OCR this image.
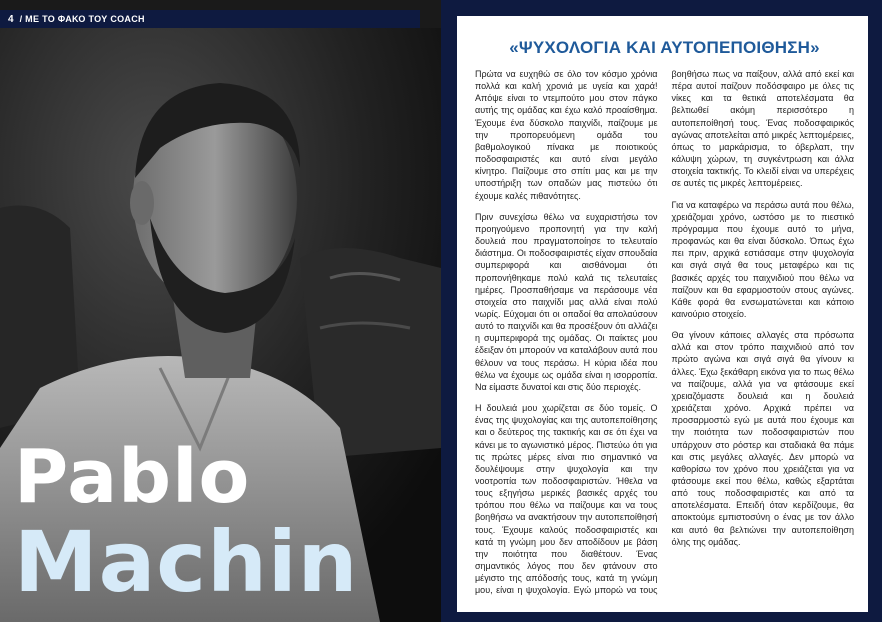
4 / ΜΕ ΤΟ ΦΑΚΟ ΤΟΥ COACH
Pablo
Machin
«ΨΥΧΟΛΟΓΙΑ ΚΑΙ ΑΥΤΟΠΕΠΟΙΘΗΣΗ»

Πρώτα να ευχηθώ σε όλο τον κόσμο χρόνια πολλά και καλή χρονιά με υγεία και χαρά! Απόψε είναι το ντεμπούτο μου στον πάγκο αυτής της ομάδας και έχω καλό προαίσθημα. Έχουμε ένα δύσκολο παιχνίδι, παίζουμε με την προπορευόμενη ομάδα του βαθμολογικού πίνακα με ποιοτικούς ποδοσφαιριστές και αυτό είναι μεγάλο κίνητρο. Παίζουμε στο σπίτι μας και με την υποστήριξη των οπαδών μας πιστεύω ότι έχουμε καλές πιθανότητες.

Πριν συνεχίσω θέλω να ευχαριστήσω τον προηγούμενο προπονητή για την καλή δουλειά που πραγματοποίησε το τελευταίο διάστημα. Οι ποδοσφαιριστές είχαν σπουδαία συμπεριφορά και αισθάνομαι ότι προπονήθηκαμε πολύ καλά τις τελευταίες ημέρες. Προσπαθήσαμε να περάσουμε νέα στοιχεία στο παιχνίδι μας αλλά είναι πολύ νωρίς. Εύχομαι ότι οι οπαδοί θα απολαύσουν αυτό το παιχνίδι και θα προσέξουν ότι αλλάζει η συμπεριφορά της ομάδας. Οι παίκτες μου έδειξαν ότι μπορούν να καταλάβουν αυτά που θέλουν να τους περάσω. Η κύρια ιδέα που θέλω να έχουμε ως ομάδα είναι η ισορροπία. Να είμαστε δυνατοί και στις δύο περιοχές.

Η δουλειά μου χωρίζεται σε δύο τομείς. Ο ένας της ψυχολογίας και της αυτοπεποίθησης και ο δεύτερος της τακτικής και σε ότι έχει να κάνει με το αγωνιστικό μέρος. Πιστεύω ότι για τις πρώτες μέρες είναι πιο σημαντικό να δουλέψουμε στην ψυχολογία και την νοοτροπία των ποδοσφαιριστών. Ήθελα να τους εξηγήσω μερικές βασικές αρχές του τρόπου που θέλω να παίζουμε και να τους βοηθήσω να ανακτήσουν την αυτοπεποίθησή τους. Έχουμε καλούς ποδοσφαιριστές και κατά τη γνώμη μου δεν αποδίδουν με βάση την ποιότητα που διαθέτουν. Ένας σημαντικός λόγος που δεν φτάνουν στο μέγιστο της απόδοσής τους, κατά τη γνώμη μου, είναι η ψυχολογία. Εγώ μπορώ να τους βοηθήσω πως να παίξουν, αλλά από εκεί και πέρα αυτοί παίζουν ποδόσφαιρο με όλες τις νίκες και τα θετικά αποτελέσματα θα βελτιωθεί ακόμη περισσότερο η αυτοπεποίθησή τους. Ένας ποδοσφαιρικός αγώνας αποτελείται από μικρές λεπτομέρειες, όπως το μαρκάρισμα, το όβερλαπ, την κάλυψη χώρων, τη συγκέντρωση και άλλα στοιχεία τακτικής. Το κλειδί είναι να υπερέχεις σε αυτές τις μικρές λεπτομέρειες.

Για να καταφέρω να περάσω αυτά που θέλω, χρειάζομαι χρόνο, ωστόσο με το πιεστικό πρόγραμμα που έχουμε αυτό το μήνα, προφανώς και θα είναι δύσκολο. Όπως έχω πει πριν, αρχικά εστιάσαμε στην ψυχολογία και σιγά σιγά θα τους μεταφέρω και τις βασικές αρχές του παιχνιδιού που θέλω να παίζουν και θα εφαρμοστούν στους αγώνες. Κάθε φορά θα ενσωματώνεται και κάποιο καινούριο στοιχείο.

Θα γίνουν κάποιες αλλαγές στα πρόσωπα αλλά και στον τρόπο παιχνιδιού από τον πρώτο αγώνα και σιγά σιγά θα γίνουν κι άλλες. Έχω ξεκάθαρη εικόνα για το πως θέλω να παίζουμε, αλλά για να φτάσουμε εκεί χρειαζόμαστε δουλειά και η δουλειά χρειάζεται χρόνο. Αρχικά πρέπει να προσαρμοστώ εγώ με αυτά που έχουμε και την ποιότητα των ποδοσφαιριστών που υπάρχουν στο ρόστερ και σταδιακά θα πάμε και στις μεγάλες αλλαγές. Δεν μπορώ να καθορίσω τον χρόνο που χρειάζεται για να φτάσουμε εκεί που θέλω, καθώς εξαρτάται από τους ποδοσφαιριστές και από τα αποτελέσματα. Επειδή όταν κερδίζουμε, θα αποκτούμε εμπιστοσύνη ο ένας με τον άλλο και αυτό θα βελτιώνει την αυτοπεποίθηση όλης της ομάδας.
